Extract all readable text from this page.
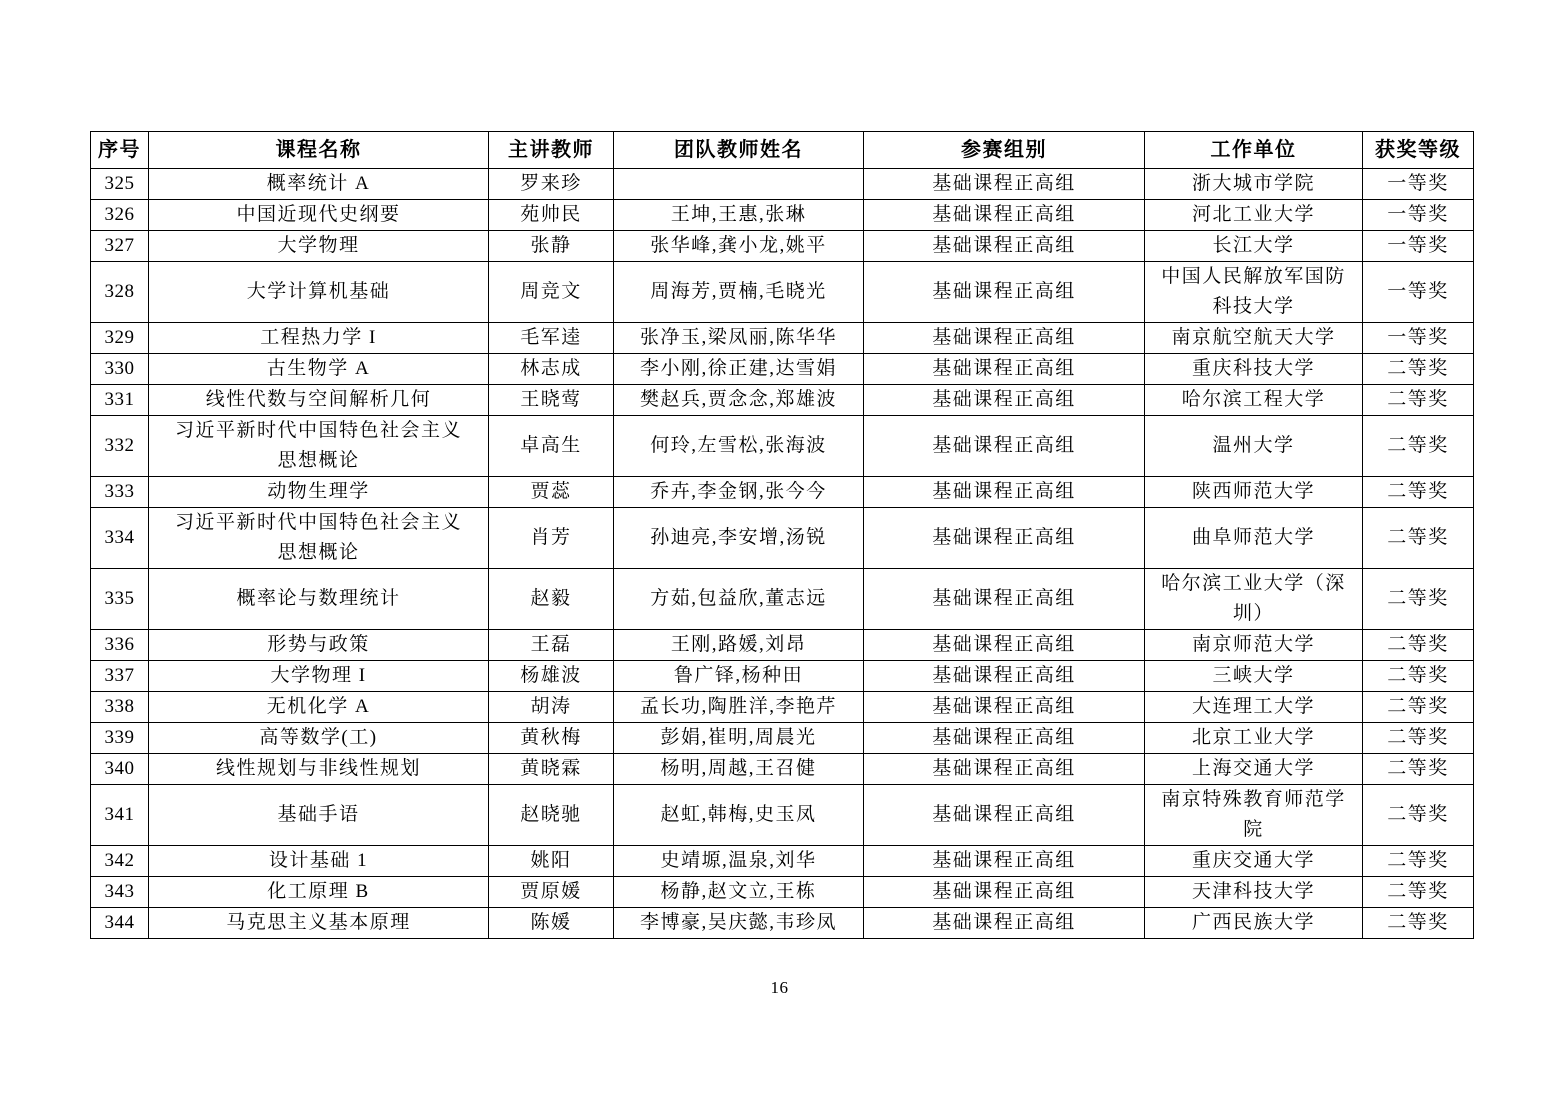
序号	课程名称	主讲教师	团队教师姓名	参赛组别	工作单位	获奖等级
325	概率统计 A	罗来珍		基础课程正高组	浙大城市学院	一等奖
326	中国近现代史纲要	苑帅民	王坤,王惠,张琳	基础课程正高组	河北工业大学	一等奖
327	大学物理	张静	张华峰,龚小龙,姚平	基础课程正高组	长江大学	一等奖
328	大学计算机基础	周竞文	周海芳,贾楠,毛晓光	基础课程正高组	中国人民解放军国防科技大学	一等奖
329	工程热力学 I	毛军逵	张净玉,梁凤丽,陈华华	基础课程正高组	南京航空航天大学	一等奖
330	古生物学 A	林志成	李小刚,徐正建,达雪娟	基础课程正高组	重庆科技大学	二等奖
331	线性代数与空间解析几何	王晓莺	樊赵兵,贾念念,郑雄波	基础课程正高组	哈尔滨工程大学	二等奖
332	习近平新时代中国特色社会主义思想概论	卓高生	何玲,左雪松,张海波	基础课程正高组	温州大学	二等奖
333	动物生理学	贾蕊	乔卉,李金钢,张今今	基础课程正高组	陕西师范大学	二等奖
334	习近平新时代中国特色社会主义思想概论	肖芳	孙迪亮,李安增,汤锐	基础课程正高组	曲阜师范大学	二等奖
335	概率论与数理统计	赵毅	方茹,包益欣,董志远	基础课程正高组	哈尔滨工业大学（深圳）	二等奖
336	形势与政策	王磊	王刚,路媛,刘昂	基础课程正高组	南京师范大学	二等奖
337	大学物理 I	杨雄波	鲁广铎,杨种田	基础课程正高组	三峡大学	二等奖
338	无机化学 A	胡涛	孟长功,陶胜洋,李艳芹	基础课程正高组	大连理工大学	二等奖
339	高等数学(工)	黄秋梅	彭娟,崔明,周晨光	基础课程正高组	北京工业大学	二等奖
340	线性规划与非线性规划	黄晓霖	杨明,周越,王召健	基础课程正高组	上海交通大学	二等奖
341	基础手语	赵晓驰	赵虹,韩梅,史玉凤	基础课程正高组	南京特殊教育师范学院	二等奖
342	设计基础 1	姚阳	史靖塬,温泉,刘华	基础课程正高组	重庆交通大学	二等奖
343	化工原理 B	贾原媛	杨静,赵文立,王栋	基础课程正高组	天津科技大学	二等奖
344	马克思主义基本原理	陈媛	李博豪,吴庆懿,韦珍凤	基础课程正高组	广西民族大学	二等奖
16
